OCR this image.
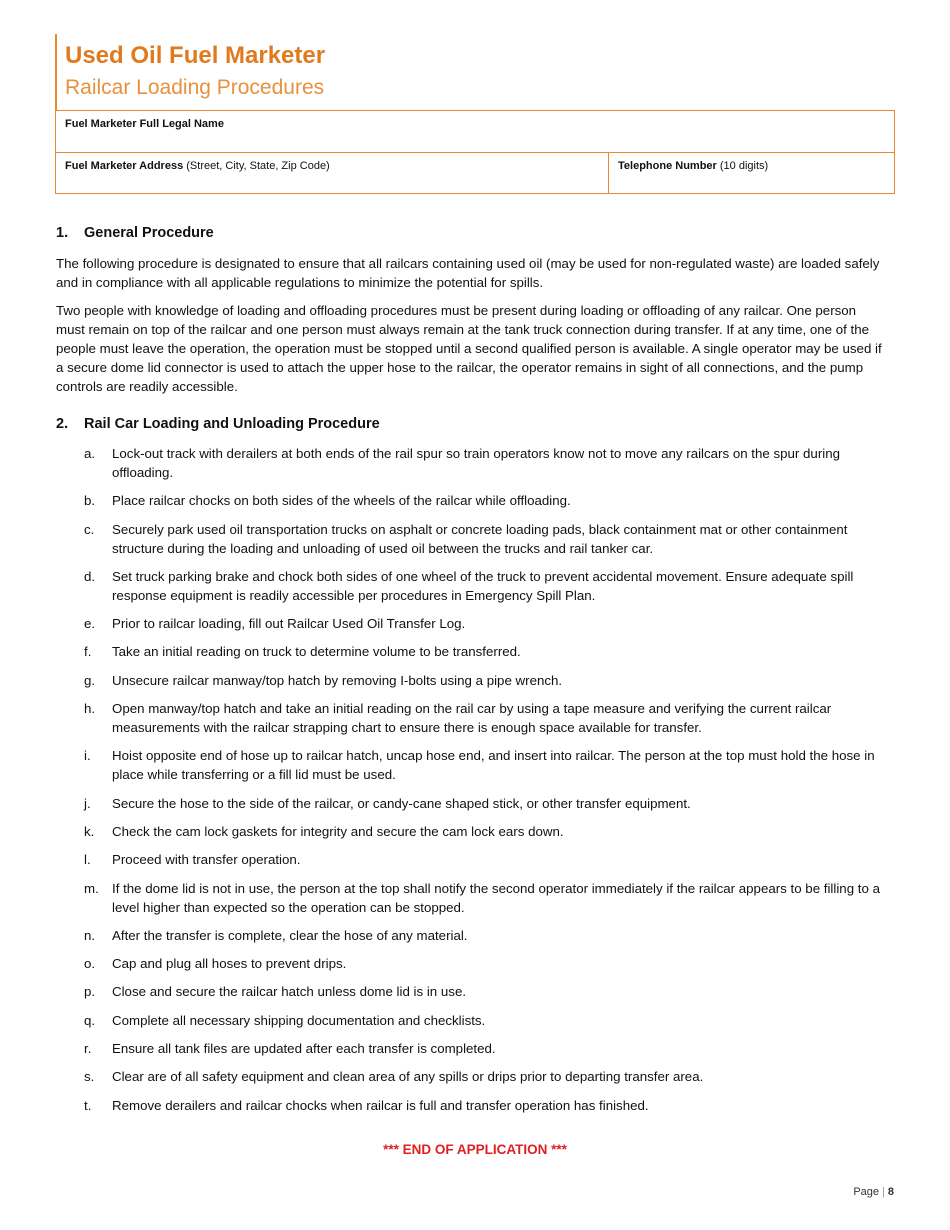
Used Oil Fuel Marketer
Railcar Loading Procedures
Fuel Marketer Full Legal Name
Fuel Marketer Address (Street, City, State, Zip Code)	Telephone Number (10 digits)
1. General Procedure
The following procedure is designated to ensure that all railcars containing used oil (may be used for non-regulated waste) are loaded safely and in compliance with all applicable regulations to minimize the potential for spills.
Two people with knowledge of loading and offloading procedures must be present during loading or offloading of any railcar. One person must remain on top of the railcar and one person must always remain at the tank truck connection during transfer. If at any time, one of the people must leave the operation, the operation must be stopped until a second qualified person is available. A single operator may be used if a secure dome lid connector is used to attach the upper hose to the railcar, the operator remains in sight of all connections, and the pump controls are readily accessible.
2. Rail Car Loading and Unloading Procedure
a. Lock-out track with derailers at both ends of the rail spur so train operators know not to move any railcars on the spur during offloading.
b. Place railcar chocks on both sides of the wheels of the railcar while offloading.
c. Securely park used oil transportation trucks on asphalt or concrete loading pads, black containment mat or other containment structure during the loading and unloading of used oil between the trucks and rail tanker car.
d. Set truck parking brake and chock both sides of one wheel of the truck to prevent accidental movement. Ensure adequate spill response equipment is readily accessible per procedures in Emergency Spill Plan.
e. Prior to railcar loading, fill out Railcar Used Oil Transfer Log.
f. Take an initial reading on truck to determine volume to be transferred.
g. Unsecure railcar manway/top hatch by removing I-bolts using a pipe wrench.
h. Open manway/top hatch and take an initial reading on the rail car by using a tape measure and verifying the current railcar measurements with the railcar strapping chart to ensure there is enough space available for transfer.
i. Hoist opposite end of hose up to railcar hatch, uncap hose end, and insert into railcar. The person at the top must hold the hose in place while transferring or a fill lid must be used.
j. Secure the hose to the side of the railcar, or candy-cane shaped stick, or other transfer equipment.
k. Check the cam lock gaskets for integrity and secure the cam lock ears down.
l. Proceed with transfer operation.
m. If the dome lid is not in use, the person at the top shall notify the second operator immediately if the railcar appears to be filling to a level higher than expected so the operation can be stopped.
n. After the transfer is complete, clear the hose of any material.
o. Cap and plug all hoses to prevent drips.
p. Close and secure the railcar hatch unless dome lid is in use.
q. Complete all necessary shipping documentation and checklists.
r. Ensure all tank files are updated after each transfer is completed.
s. Clear are of all safety equipment and clean area of any spills or drips prior to departing transfer area.
t. Remove derailers and railcar chocks when railcar is full and transfer operation has finished.
*** END OF APPLICATION ***
Page | 8
